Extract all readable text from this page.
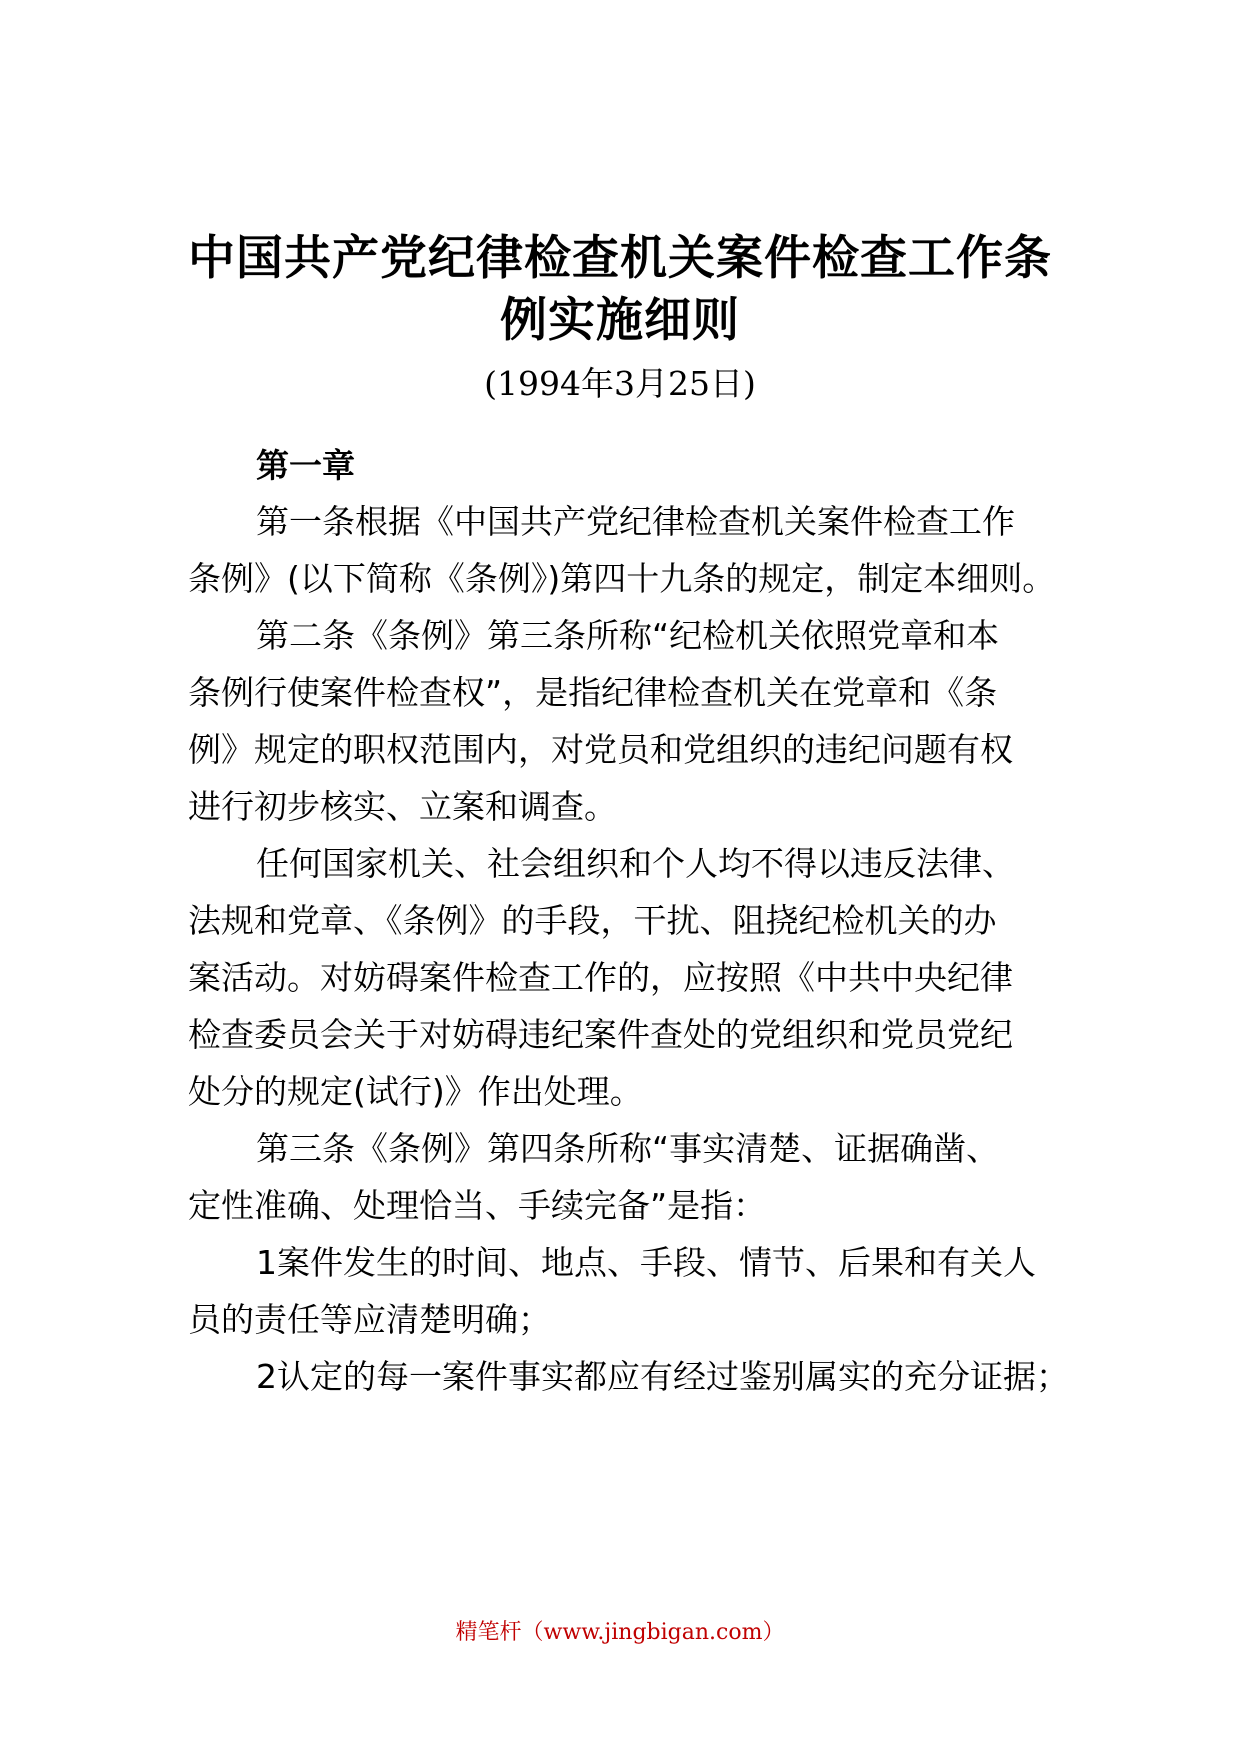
中国共产党纪律检查机关案件检查工作条
例实施细则
(1994年3月25日)
第一章
第一条根据《中国共产党纪律检查机关案件检查工作
条例》(以下简称《条例》)第四十九条的规定，制定本细则。
第二条《条例》第三条所称“纪检机关依照党章和本
条例行使案件检查权”，是指纪律检查机关在党章和《条
例》规定的职权范围内，对党员和党组织的违纪问题有权
进行初步核实、立案和调查。
任何国家机关、社会组织和个人均不得以违反法律、
法规和党章、《条例》的手段，干扰、阻挠纪检机关的办
案活动。对妨碍案件检查工作的，应按照《中共中央纪律
检查委员会关于对妨碍违纪案件查处的党组织和党员党纪
处分的规定(试行)》作出处理。
第三条《条例》第四条所称“事实清楚、证据确凿、
定性准确、处理恰当、手续完备”是指：
1案件发生的时间、地点、手段、情节、后果和有关人
员的责任等应清楚明确；
2认定的每一案件事实都应有经过鉴别属实的充分证据；
精笔杆（www.jingbigan.com）
